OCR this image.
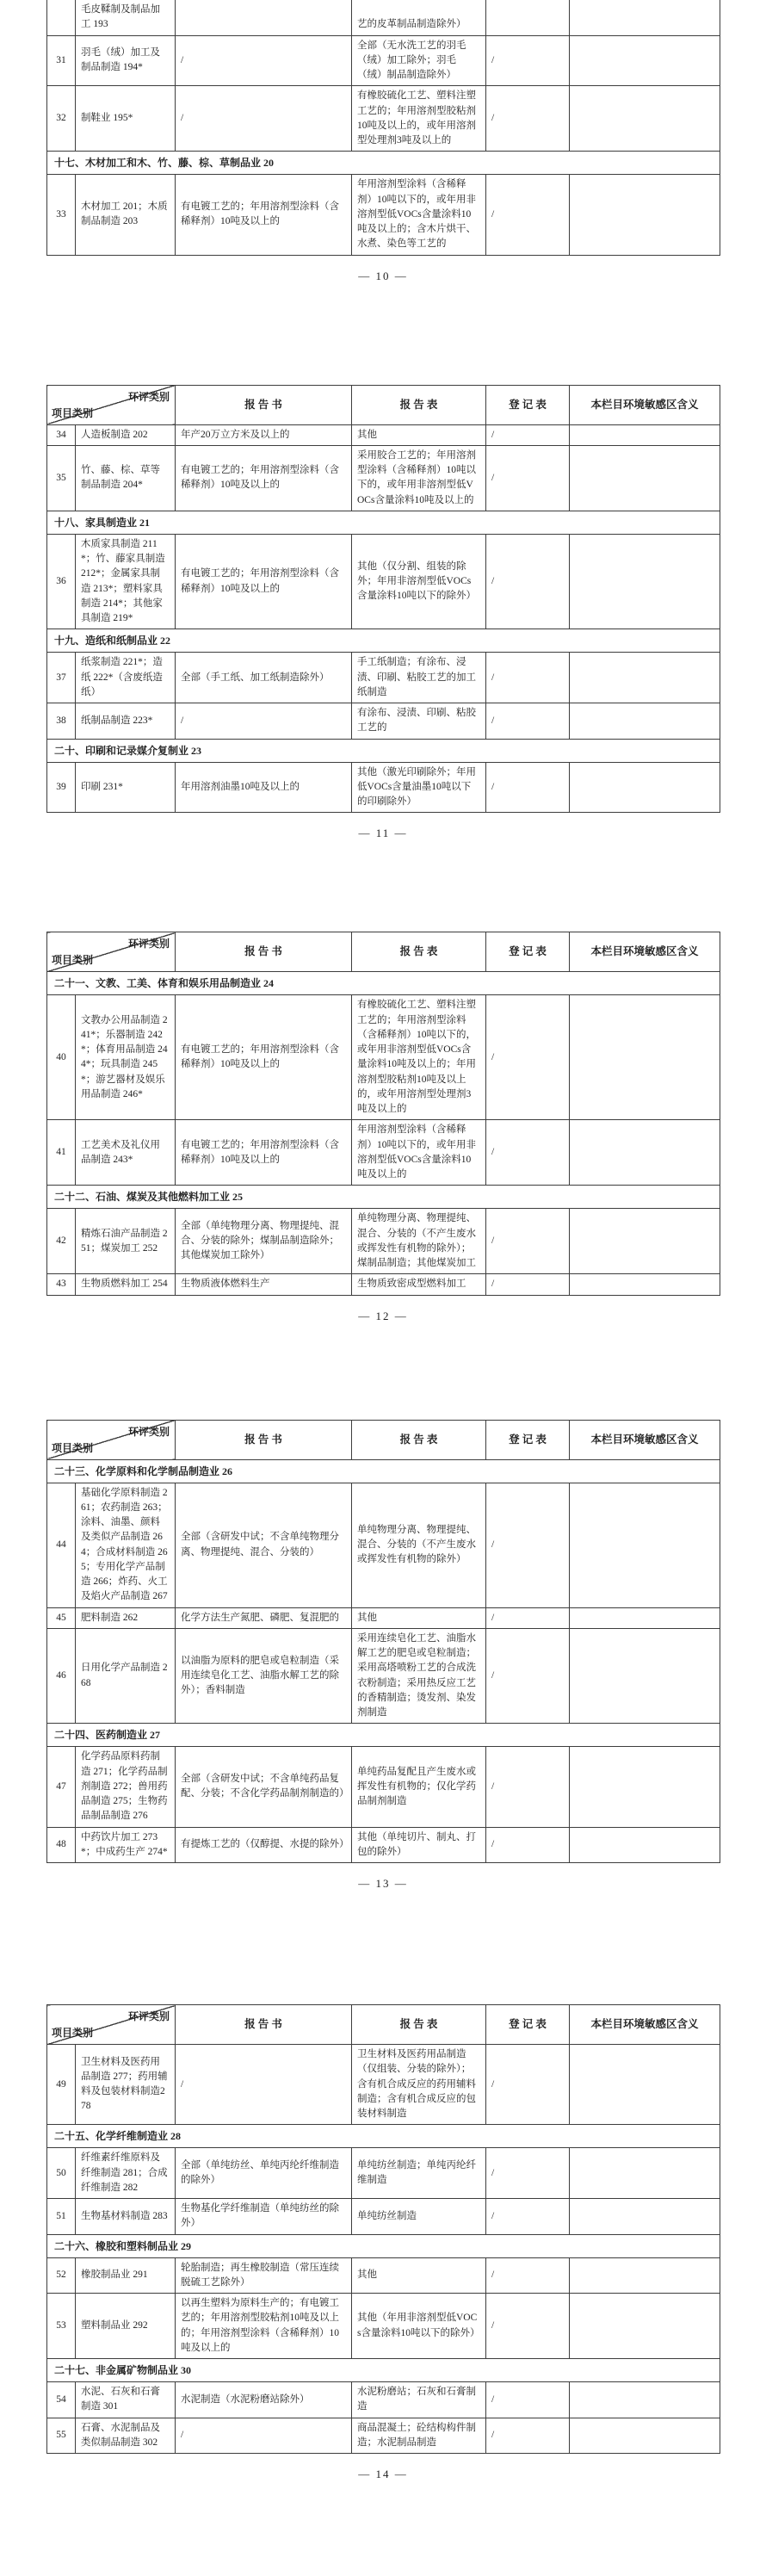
	毛皮鞣制及制品加工 193		艺的皮革制品制造除外）		
31	羽毛（绒）加工及制品制造 194*	/	全部（无水洗工艺的羽毛（绒）加工除外；羽毛（绒）制品制造除外）	/	
32	制鞋业 195*	/	有橡胶硫化工艺、塑料注塑工艺的；年用溶剂型胶粘剂10吨及以上的，或年用溶剂型处理剂3吨及以上的	/	
十七、木材加工和木、竹、藤、棕、草制品业 20					
33	木材加工 201；木质制品制造 203	有电镀工艺的；年用溶剂型涂料（含稀释剂）10吨及以上的	年用溶剂型涂料（含稀释剂）10吨以下的，或年用非溶剂型低VOCs含量涂料10吨及以上的；含木片烘干、水煮、染色等工艺的	/	
— 10 —
环评类别
项目类别		报 告 书	报 告 表	登 记 表	本栏目环境敏感区含义
34	人造板制造 202	年产20万立方米及以上的	其他	/	
35	竹、藤、棕、草等制品制造 204*	有电镀工艺的；年用溶剂型涂料（含稀释剂）10吨及以上的	采用胶合工艺的；年用溶剂型涂料（含稀释剂）10吨以下的，或年用非溶剂型低VOCs含量涂料10吨及以上的	/	
十八、家具制造业 21					
36	木质家具制造 211*；竹、藤家具制造 212*；金属家具制造 213*；塑料家具制造 214*；其他家具制造 219*	有电镀工艺的；年用溶剂型涂料（含稀释剂）10吨及以上的	其他（仅分割、组装的除外；年用非溶剂型低VOCs含量涂料10吨以下的除外）	/	
十九、造纸和纸制品业 22					
37	纸浆制造 221*；造纸 222*（含废纸造纸）	全部（手工纸、加工纸制造除外）	手工纸制造；有涂布、浸渍、印刷、粘胶工艺的加工纸制造	/	
38	纸制品制造 223*	/	有涂布、浸渍、印刷、粘胶工艺的	/	
二十、印刷和记录媒介复制业 23					
39	印刷 231*	年用溶剂油墨10吨及以上的	其他（激光印刷除外；年用低VOCs含量油墨10吨以下的印刷除外）	/	
— 11 —
环评类别
项目类别		报 告 书	报 告 表	登 记 表	本栏目环境敏感区含义
二十一、文教、工美、体育和娱乐用品制造业 24					
40	文教办公用品制造 241*；乐器制造 242*；体育用品制造 244*；玩具制造 245*；游艺器材及娱乐用品制造 246*	有电镀工艺的；年用溶剂型涂料（含稀释剂）10吨及以上的	有橡胶硫化工艺、塑料注塑工艺的；年用溶剂型涂料（含稀释剂）10吨以下的，或年用非溶剂型低VOCs含量涂料10吨及以上的；年用溶剂型胶粘剂10吨及以上的，或年用溶剂型处理剂3吨及以上的	/	
41	工艺美术及礼仪用品制造 243*	有电镀工艺的；年用溶剂型涂料（含稀释剂）10吨及以上的	年用溶剂型涂料（含稀释剂）10吨以下的，或年用非溶剂型低VOCs含量涂料10吨及以上的	/	
二十二、石油、煤炭及其他燃料加工业 25					
42	精炼石油产品制造 251；煤炭加工 252	全部（单纯物理分离、物理提纯、混合、分装的除外；煤制品制造除外；其他煤炭加工除外）	单纯物理分离、物理提纯、混合、分装的（不产生废水或挥发性有机物的除外）；煤制品制造；其他煤炭加工	/	
43	生物质燃料加工 254	生物质液体燃料生产	生物质致密成型燃料加工	/	
— 12 —
环评类别
项目类别		报 告 书	报 告 表	登 记 表	本栏目环境敏感区含义
二十三、化学原料和化学制品制造业 26					
44	基础化学原料制造 261；农药制造 263；涂料、油墨、颜料及类似产品制造 264；合成材料制造 265；专用化学产品制造 266；炸药、火工及焰火产品制造 267	全部（含研发中试；不含单纯物理分离、物理提纯、混合、分装的）	单纯物理分离、物理提纯、混合、分装的（不产生废水或挥发性有机物的除外）	/	
45	肥料制造 262	化学方法生产氮肥、磷肥、复混肥的	其他	/	
46	日用化学产品制造 268	以油脂为原料的肥皂或皂粒制造（采用连续皂化工艺、油脂水解工艺的除外）；香料制造	采用连续皂化工艺、油脂水解工艺的肥皂或皂粒制造；采用高塔喷粉工艺的合成洗衣粉制造；采用热反应工艺的香精制造；烫发剂、染发剂制造	/	
二十四、医药制造业 27					
47	化学药品原料药制造 271；化学药品制剂制造 272；兽用药品制造 275；生物药品制品制造 276	全部（含研发中试；不含单纯药品复配、分装；不含化学药品制剂制造的）	单纯药品复配且产生废水或挥发性有机物的；仅化学药品制剂制造	/	
48	中药饮片加工 273*；中成药生产 274*	有提炼工艺的（仅醇提、水提的除外）	其他（单纯切片、制丸、打包的除外）	/	
— 13 —
环评类别
项目类别		报 告 书	报 告 表	登 记 表	本栏目环境敏感区含义
49	卫生材料及医药用品制造 277；药用辅料及包装材料制造278	/	卫生材料及医药用品制造（仅组装、分装的除外）；含有机合成反应的药用辅料制造；含有机合成反应的包装材料制造	/	
二十五、化学纤维制造业 28					
50	纤维素纤维原料及纤维制造 281；合成纤维制造 282	全部（单纯纺丝、单纯丙纶纤维制造的除外）	单纯纺丝制造；单纯丙纶纤维制造	/	
51	生物基材料制造 283	生物基化学纤维制造（单纯纺丝的除外）	单纯纺丝制造	/	
二十六、橡胶和塑料制品业 29					
52	橡胶制品业 291	轮胎制造；再生橡胶制造（常压连续脱硫工艺除外）	其他	/	
53	塑料制品业 292	以再生塑料为原料生产的；有电镀工艺的；年用溶剂型胶粘剂10吨及以上的；年用溶剂型涂料（含稀释剂）10吨及以上的	其他（年用非溶剂型低VOCs含量涂料10吨以下的除外）	/	
二十七、非金属矿物制品业 30					
54	水泥、石灰和石膏制造 301	水泥制造（水泥粉磨站除外）	水泥粉磨站；石灰和石膏制造	/	
55	石膏、水泥制品及类似制品制造 302	/	商品混凝土；砼结构构件制造；水泥制品制造	/	
— 14 —
